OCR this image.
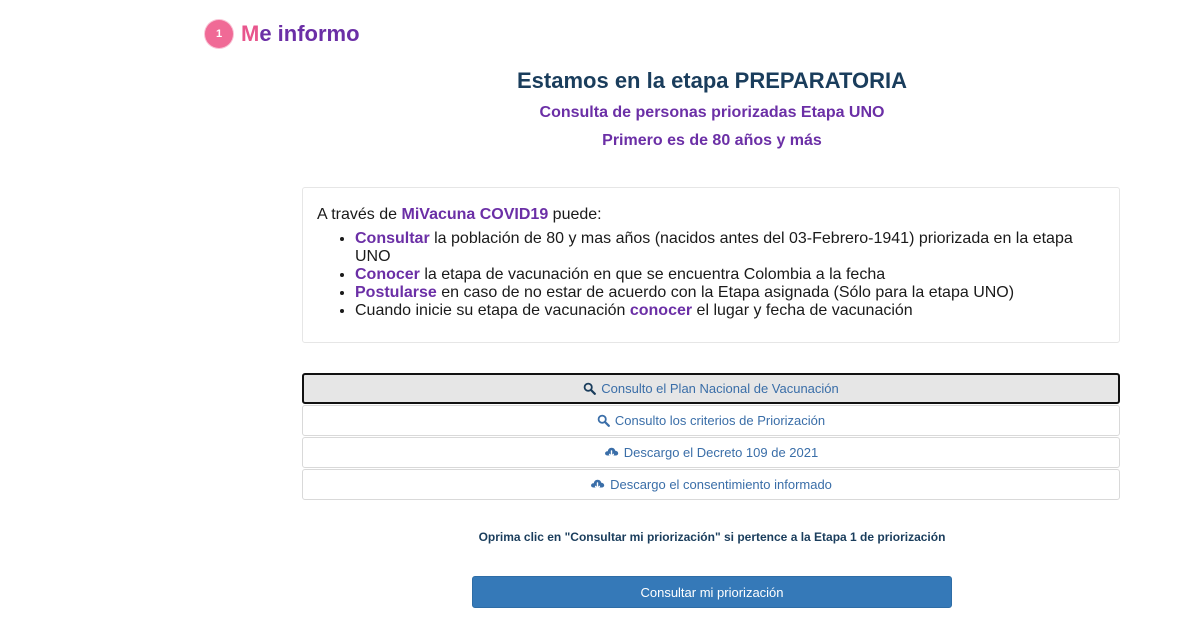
1 Me informo
Estamos en la etapa PREPARATORIA
Consulta de personas priorizadas Etapa UNO
Primero es de 80 años y más

A través de MiVacuna COVID19 puede:

• Consultar la población de 80 y mas años (nacidos antes del 03-Febrero-1941) priorizada en la etapa UNO
• Conocer la etapa de vacunación en que se encuentra Colombia a la fecha
• Postularse en caso de no estar de acuerdo con la Etapa asignada (Sólo para la etapa UNO)
• Cuando inicie su etapa de vacunación conocer el lugar y fecha de vacunación
Consulto el Plan Nacional de Vacunación
Consulto los criterios de Priorización
Descargo el Decreto 109 de 2021
Descargo el consentimiento informado
Oprima clic en "Consultar mi priorización" si pertence a la Etapa 1 de priorización
Consultar mi priorización
